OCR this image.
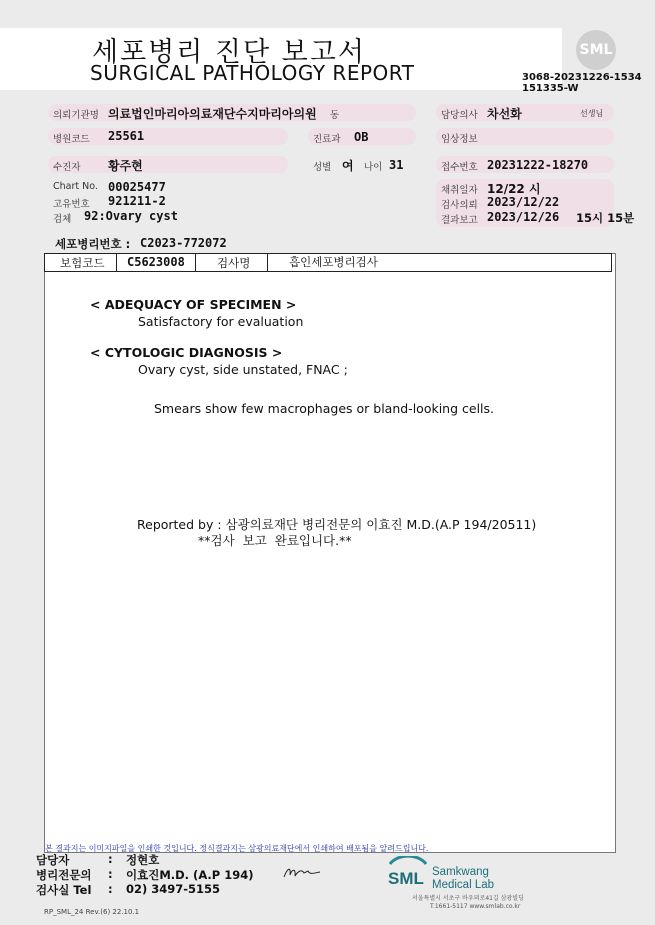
세포병리 진단 보고서
SURGICAL PATHOLOGY REPORT
SML
3068-20231226-1534
151335-W
의뢰기관명 의료법인마리아의료재단수지마리아의원 동	담당의사 차선화	선생님
병원코드 25561	진료과 OB	임상정보
수진자 황주현	성별 여 나이 31	접수번호 20231222-18270
Chart No. 00025477
고유번호 921211-2
검체 92:Ovary cyst
채취일자 12/22 시
검사의뢰 2023/12/22
결과보고 2023/12/26 15시 15분
세포병리번호 : C2023-772072
보험코드 C5623008	검사명	흡인세포병리검사
< ADEQUACY OF SPECIMEN >
Satisfactory for evaluation
< CYTOLOGIC DIAGNOSIS >
Ovary cyst, side unstated, FNAC ;
Smears show few macrophages or bland-looking cells.
Reported by : 삼광의료재단 병리전문의 이효진 M.D.(A.P 194/20511)
**검사 보고 완료입니다.**
본 결과지는 이미지파일을 인쇄한 것입니다. 정식결과지는 삼광의료재단에서 인쇄하여 배포됨을 알려드립니다.
담당자	: 정현호
병리전문의 : 이효진M.D. (A.P 194)
검사실 Tel : 02) 3497-5155
SML Samkwang
Medical Lab
서울특별시 서초구 바우뫼로41길 삼광빌딩
T.1661-5117 www.smlab.co.kr
RP_SML_24 Rev.(6) 22.10.1
